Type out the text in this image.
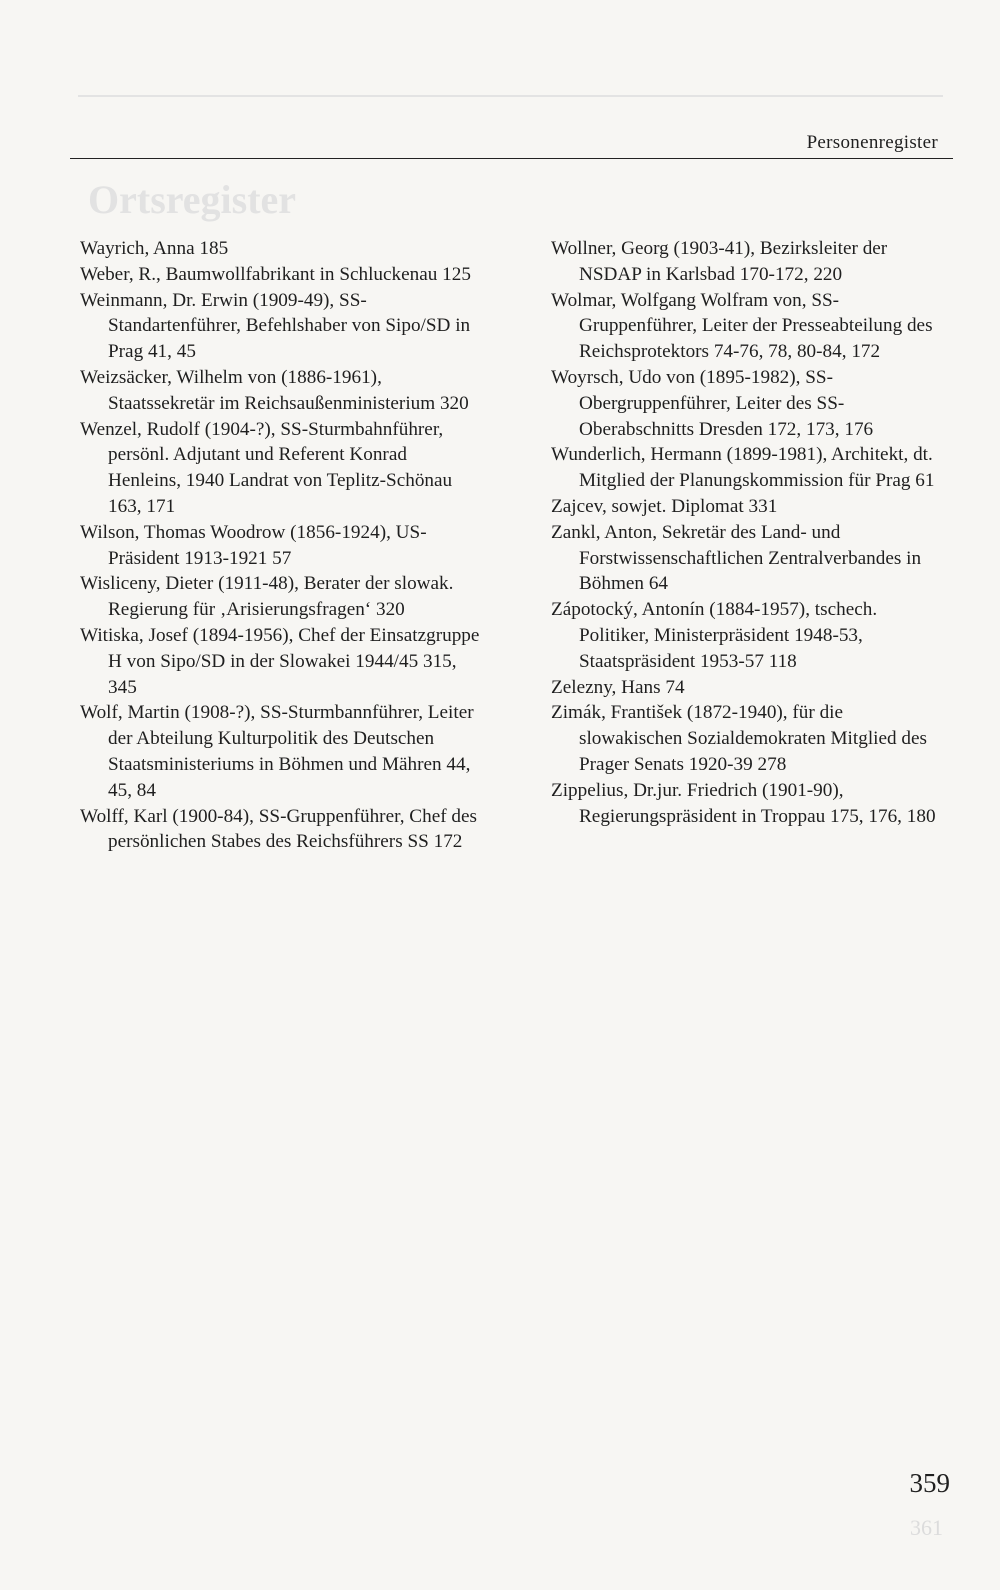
Ortsregister
361
Personenregister

Wayrich, Anna 185

Weber, R., Baumwollfabrikant in Schluckenau 125

Weinmann, Dr. Erwin (1909-49), SS-Standartenführer, Befehlshaber von Sipo/SD in Prag 41, 45

Weizsäcker, Wilhelm von (1886-1961), Staatssekretär im Reichsaußenministerium 320

Wenzel, Rudolf (1904-?), SS-Sturmbahnführer, persönl. Adjutant und Referent Konrad Henleins, 1940 Landrat von Teplitz-Schönau 163, 171

Wilson, Thomas Woodrow (1856-1924), US-Präsident 1913-1921 57

Wisliceny, Dieter (1911-48), Berater der slowak. Regierung für ‚Arisierungsfragen‘ 320

Witiska, Josef (1894-1956), Chef der Einsatzgruppe H von Sipo/SD in der Slowakei 1944/45 315, 345

Wolf, Martin (1908-?), SS-Sturmbannführer, Leiter der Abteilung Kulturpolitik des Deutschen Staatsministeriums in Böhmen und Mähren 44, 45, 84

Wolff, Karl (1900-84), SS-Gruppenführer, Chef des persönlichen Stabes des Reichsführers SS 172

Wollner, Georg (1903-41), Bezirksleiter der NSDAP in Karlsbad 170-172, 220

Wolmar, Wolfgang Wolfram von, SS-Gruppenführer, Leiter der Presseabteilung des Reichsprotektors 74-76, 78, 80-84, 172

Woyrsch, Udo von (1895-1982), SS-Obergruppenführer, Leiter des SS-Oberabschnitts Dresden 172, 173, 176

Wunderlich, Hermann (1899-1981), Architekt, dt. Mitglied der Planungskommission für Prag 61

Zajcev, sowjet. Diplomat 331

Zankl, Anton, Sekretär des Land- und Forstwissenschaftlichen Zentralverbandes in Böhmen 64

Zápotocký, Antonín (1884-1957), tschech. Politiker, Ministerpräsident 1948-53, Staatspräsident 1953-57 118

Zelezny, Hans 74

Zimák, František (1872-1940), für die slowakischen Sozialdemokraten Mitglied des Prager Senats 1920-39 278

Zippelius, Dr.jur. Friedrich (1901-90), Regierungspräsident in Troppau 175, 176, 180

359
